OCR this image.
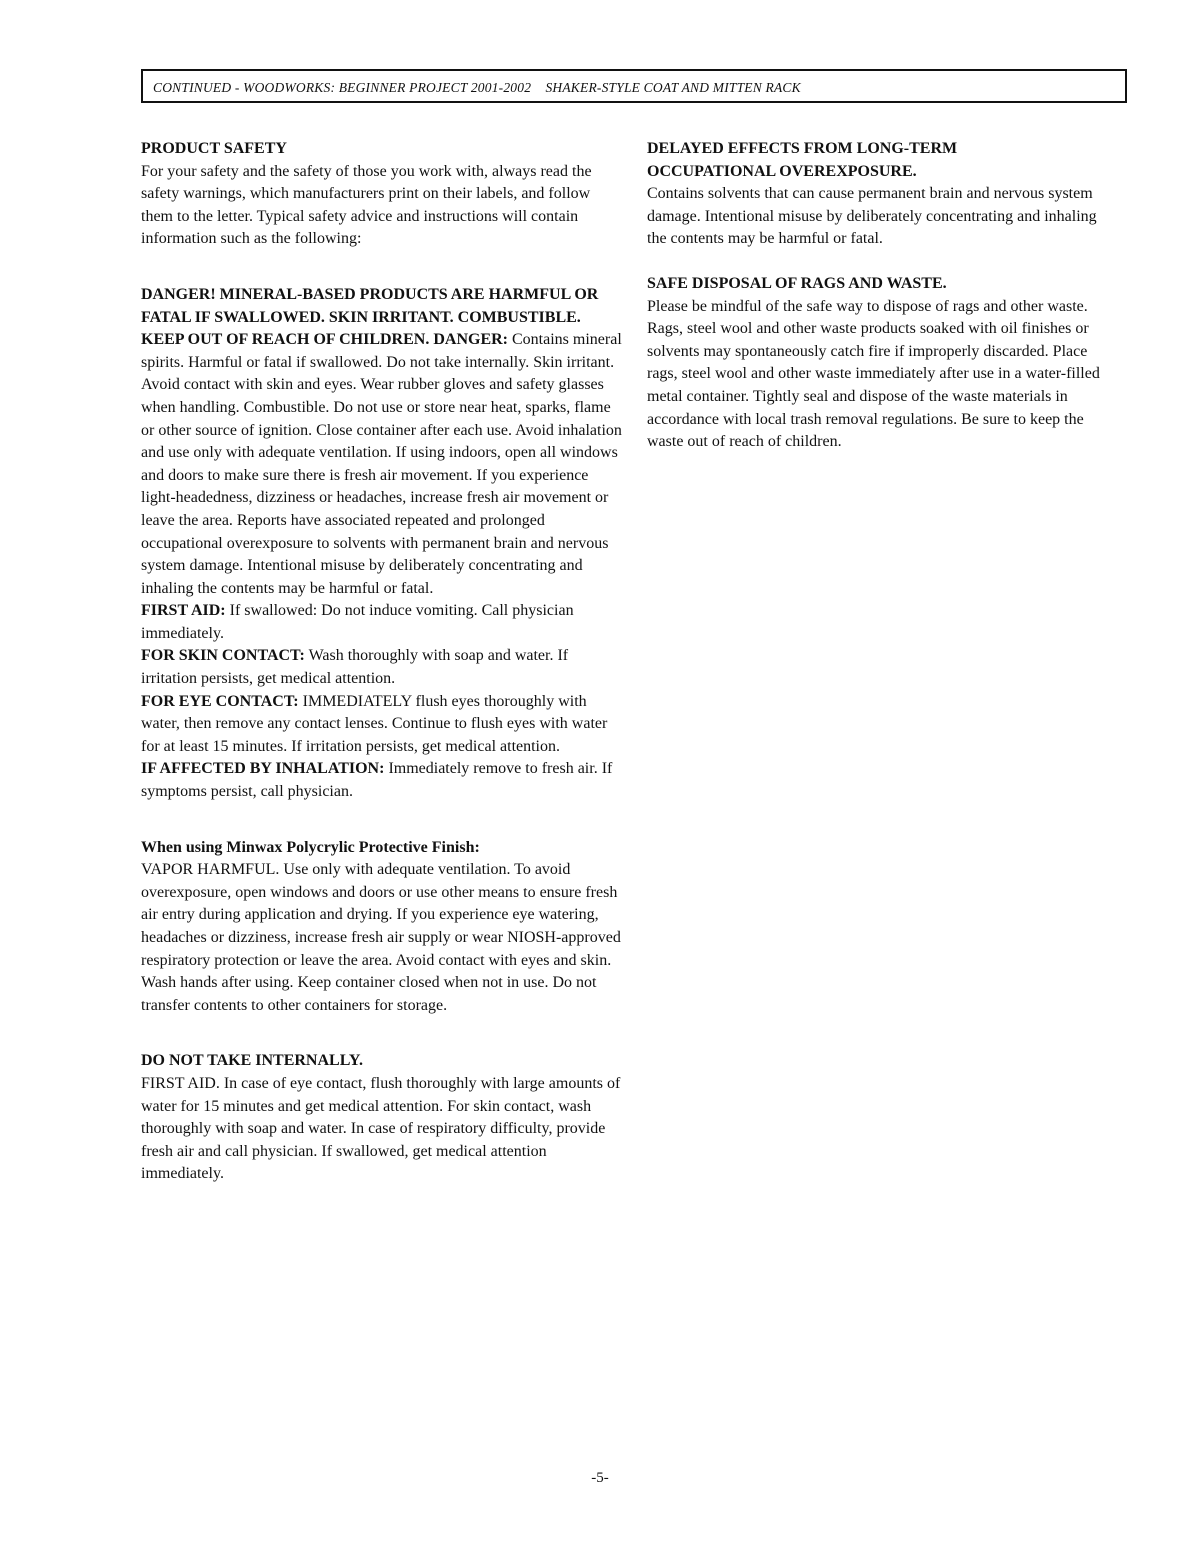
CONTINUED - WOODWORKS: BEGINNER PROJECT 2001-2002    SHAKER-STYLE COAT AND MITTEN RACK
PRODUCT SAFETY

For your safety and the safety of those you work with, always read the safety warnings, which manufacturers print on their labels, and follow them to the letter. Typical safety advice and instructions will contain information such as the following:

DANGER! MINERAL-BASED PRODUCTS ARE HARMFUL OR FATAL IF SWALLOWED. SKIN IRRITANT. COMBUSTIBLE. KEEP OUT OF REACH OF CHILDREN. DANGER: Contains mineral spirits. Harmful or fatal if swallowed. Do not take internally. Skin irritant. Avoid contact with skin and eyes. Wear rubber gloves and safety glasses when handling. Combustible. Do not use or store near heat, sparks, flame or other source of ignition. Close container after each use. Avoid inhalation and use only with adequate ventilation. If using indoors, open all windows and doors to make sure there is fresh air movement. If you experience light-headedness, dizziness or headaches, increase fresh air movement or leave the area. Reports have associated repeated and prolonged occupational overexposure to solvents with permanent brain and nervous system damage. Intentional misuse by deliberately concentrating and inhaling the contents may be harmful or fatal.

FIRST AID: If swallowed: Do not induce vomiting. Call physician immediately.

FOR SKIN CONTACT: Wash thoroughly with soap and water. If irritation persists, get medical attention.

FOR EYE CONTACT: IMMEDIATELY flush eyes thoroughly with water, then remove any contact lenses. Continue to flush eyes with water for at least 15 minutes. If irritation persists, get medical attention.

IF AFFECTED BY INHALATION: Immediately remove to fresh air. If symptoms persist, call physician.

When using Minwax Polycrylic Protective Finish:

VAPOR HARMFUL. Use only with adequate ventilation. To avoid overexposure, open windows and doors or use other means to ensure fresh air entry during application and drying. If you experience eye watering, headaches or dizziness, increase fresh air supply or wear NIOSH-approved respiratory protection or leave the area. Avoid contact with eyes and skin. Wash hands after using. Keep container closed when not in use. Do not transfer contents to other containers for storage.

DO NOT TAKE INTERNALLY.

FIRST AID. In case of eye contact, flush thoroughly with large amounts of water for 15 minutes and get medical attention. For skin contact, wash thoroughly with soap and water. In case of respiratory difficulty, provide fresh air and call physician. If swallowed, get medical attention immediately.

DELAYED EFFECTS FROM LONG-TERM OCCUPATIONAL OVEREXPOSURE.

Contains solvents that can cause permanent brain and nervous system damage. Intentional misuse by deliberately concentrating and inhaling the contents may be harmful or fatal.

SAFE DISPOSAL OF RAGS AND WASTE.

Please be mindful of the safe way to dispose of rags and other waste. Rags, steel wool and other waste products soaked with oil finishes or solvents may spontaneously catch fire if improperly discarded. Place rags, steel wool and other waste immediately after use in a water-filled metal container. Tightly seal and dispose of the waste materials in accordance with local trash removal regulations. Be sure to keep the waste out of reach of children.

-5-
